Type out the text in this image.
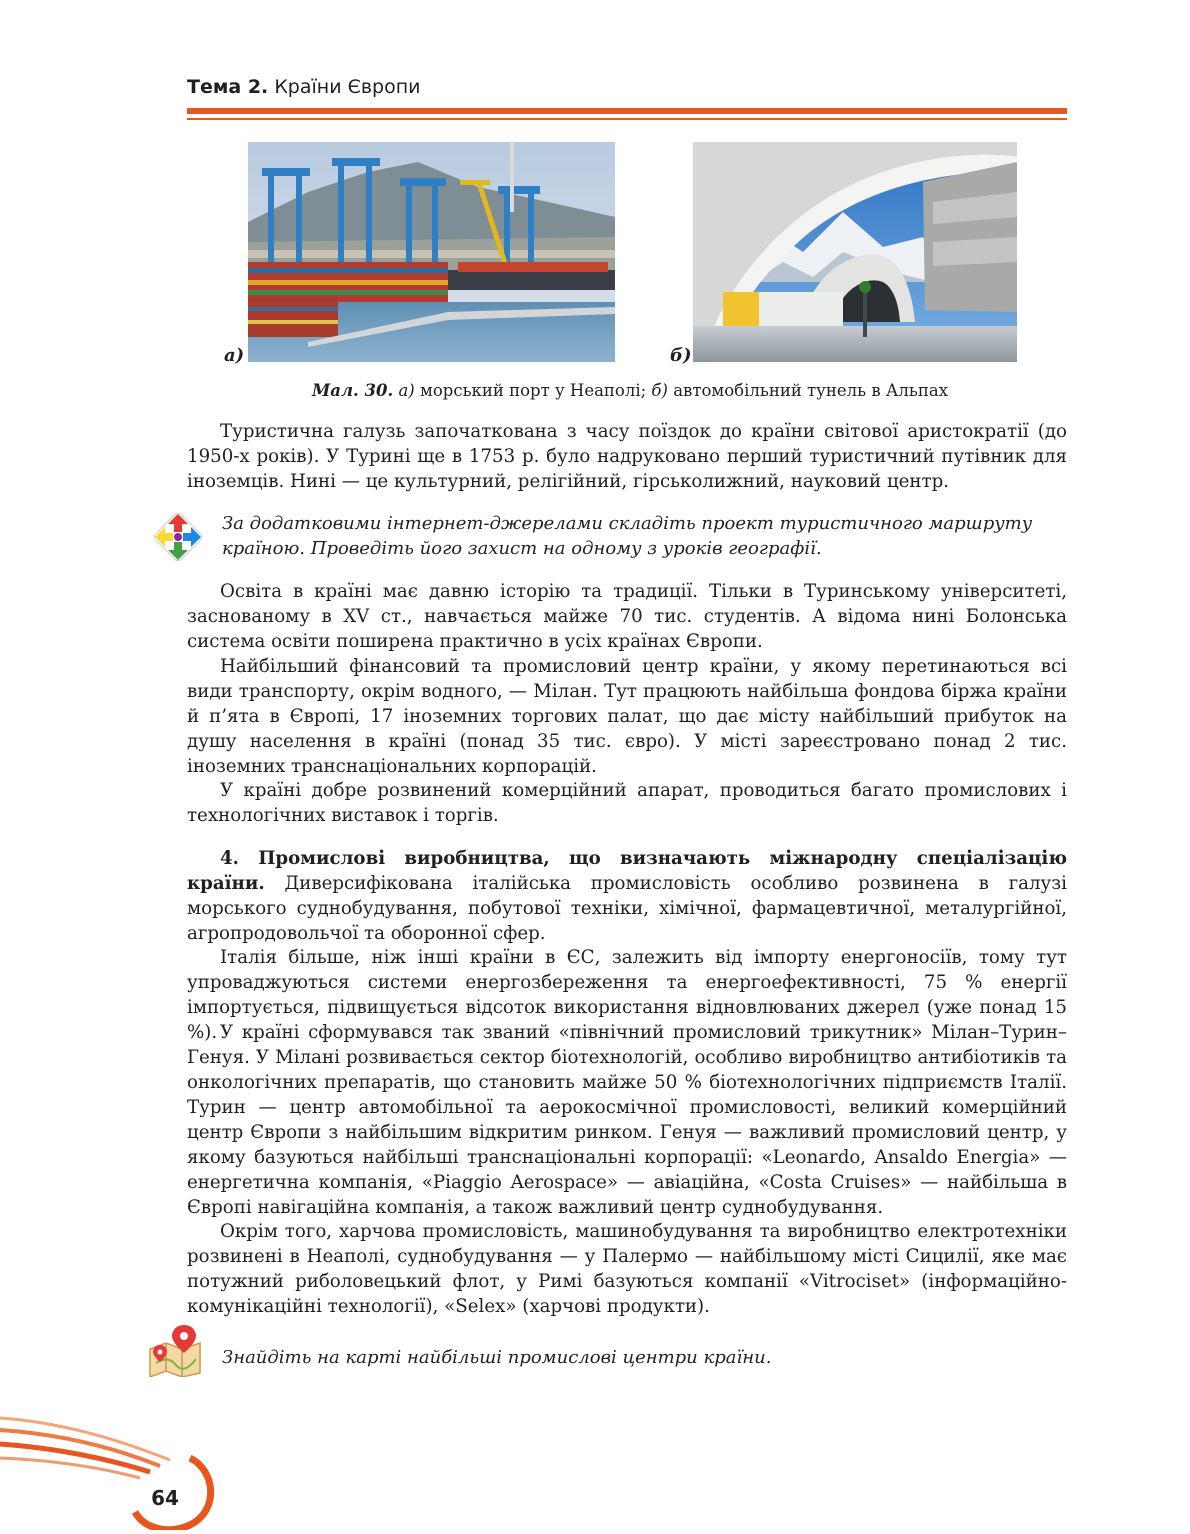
Тема 2. Країни Європи
а)	б)
Мал. 30. а) морський порт у Неаполі; б) автомобільний тунель в Альпах

Туристична галузь започаткована з часу поїздок до країни світової аристократії (до 1950-х років). У Турині ще в 1753 р. було надруковано перший туристичний путівник для іноземців. Нині — це культурний, релігійний, гірськолижний, науковий центр.

За додатковими інтернет-джерелами складіть проект туристичного маршруту країною. Проведіть його захист на одному з уроків географії.

Освіта в країні має давню історію та традиції. Тільки в Туринському університеті, заснованому в XV ст., навчається майже 70 тис. студентів. А відома нині Болонська система освіти поширена практично в усіх країнах Європи.

Найбільший фінансовий та промисловий центр країни, у якому перетинаються всі види транспорту, окрім водного, — Мілан. Тут працюють найбільша фондова біржа країни й п’ята в Європі, 17 іноземних торгових палат, що дає місту найбільший прибуток на душу населення в країні (понад 35 тис. євро). У місті зареєстровано понад 2 тис. іноземних транснаціональних корпорацій.

У країні добре розвинений комерційний апарат, проводиться багато промислових і технологічних виставок і торгів.

4. Промислові виробництва, що визначають міжнародну спеціалізацію країни. Диверсифікована італійська промисловість особливо розвинена в галузі морського суднобудування, побутової техніки, хімічної, фармацевтичної, металургійної, агропродовольчої та оборонної сфер.

Італія більше, ніж інші країни в ЄС, залежить від імпорту енергоносіїв, тому тут упроваджуються системи енергозбереження та енергоефективності, 75 % енергії імпортується, підвищується відсоток використання відновлюваних джерел (уже понад 15 %). У країні сформувався так званий «північний промисловий трикутник» Мілан–Турин–Генуя. У Мілані розвивається сектор біотехнологій, особливо виробництво антибіотиків та онкологічних препаратів, що становить майже 50 % біотехнологічних підприємств Італії. Турин — центр автомобільної та аерокосмічної промисловості, великий комерційний центр Європи з найбільшим відкритим ринком. Генуя — важливий промисловий центр, у якому базуються найбільші транснаціональні корпорації: «Leonardo, Ansaldo Energia» — енергетична компанія, «Piaggio Aerospace» — авіаційна, «Costa Cruises» — найбільша в Європі навігаційна компанія, а також важливий центр суднобудування.

Окрім того, харчова промисловість, машинобудування та виробництво електротехніки розвинені в Неаполі, суднобудування — у Палермо — найбільшому місті Сицилії, яке має потужний риболовецький флот, у Римі базуються компанії «Vitrociset» (інформаційно-комунікаційні технології), «Selex» (харчові продукти).

Знайдіть на карті найбільші промислові центри країни.

64
